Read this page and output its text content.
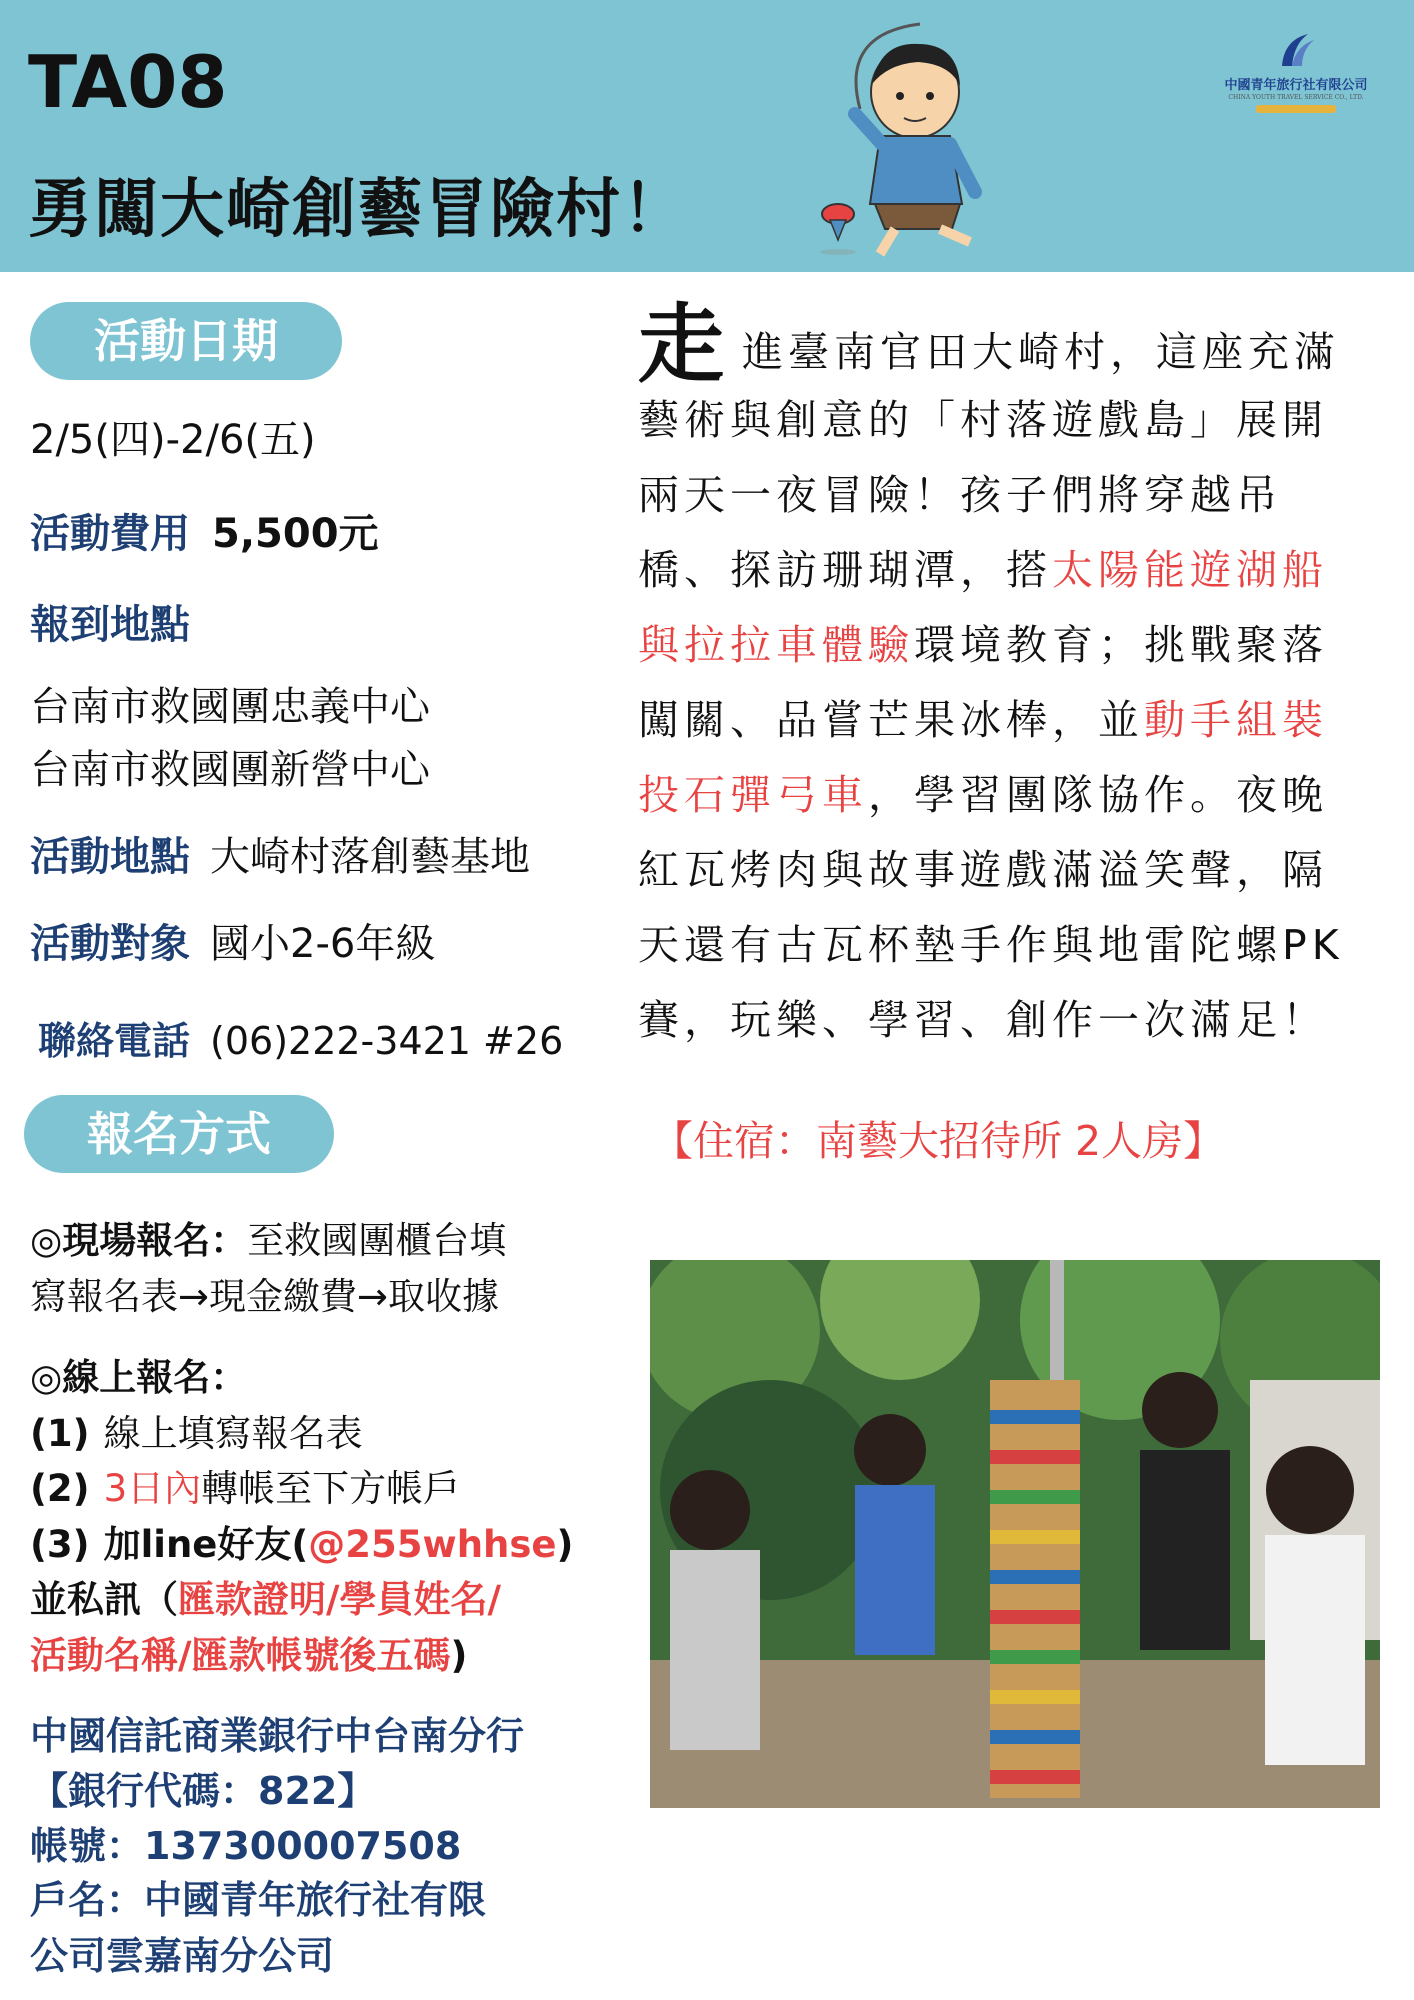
TA08
勇闖大崎創藝冒險村！
中國青年旅行社有限公司
CHINA YOUTH TRAVEL SERVICE CO., LTD.
活動日期
2/5(四)-2/6(五)
活動費用 5,500元
報到地點
台南市救國團忠義中心
台南市救國團新營中心
活動地點 大崎村落創藝基地
活動對象 國小2-6年級
聯絡電話 (06)222-3421 #26
報名方式
◎現場報名：至救國團櫃台填
寫報名表→現金繳費→取收據
◎線上報名：
(1) 線上填寫報名表
(2) 3日內轉帳至下方帳戶
(3) 加line好友(@255whhse)
並私訊（匯款證明/學員姓名/
活動名稱/匯款帳號後五碼)
中國信託商業銀行中台南分行
【銀行代碼：822】
帳號：137300007508
戶名：中國青年旅行社有限
公司雲嘉南分公司
走進臺南官田大崎村，這座充滿
藝術與創意的「村落遊戲島」展開
兩天一夜冒險！孩子們將穿越吊
橋、探訪珊瑚潭，搭太陽能遊湖船
與拉拉車體驗環境教育；挑戰聚落
闖關、品嘗芒果冰棒，並動手組裝
投石彈弓車，學習團隊協作。夜晚
紅瓦烤肉與故事遊戲滿溢笑聲，隔
天還有古瓦杯墊手作與地雷陀螺PK
賽，玩樂、學習、創作一次滿足！
【住宿：南藝大招待所 2人房】
